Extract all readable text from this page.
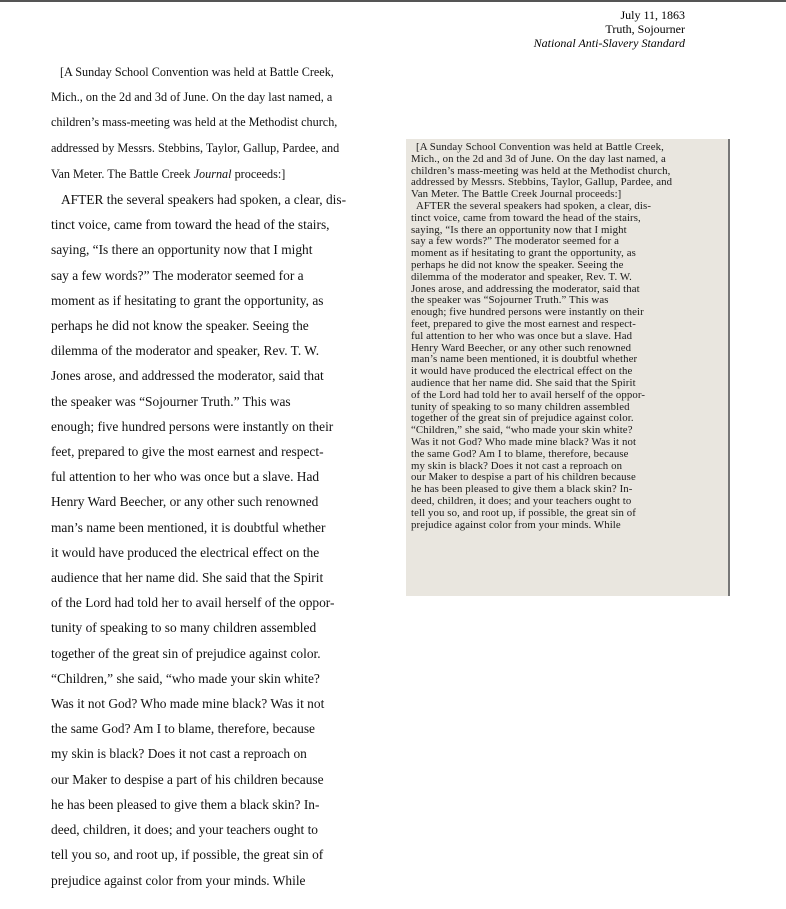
July 11, 1863
Truth, Sojourner
National Anti-Slavery Standard
[A Sunday School Convention was held at Battle Creek,
Mich., on the 2d and 3d of June. On the day last named, a
children’s mass-meeting was held at the Methodist church,
addressed by Messrs. Stebbins, Taylor, Gallup, Pardee, and
Van Meter. The Battle Creek Journal proceeds:]
AFTER the several speakers had spoken, a clear, dis-
tinct voice, came from toward the head of the stairs,
saying, “Is there an opportunity now that I might
say a few words?” The moderator seemed for a
moment as if hesitating to grant the opportunity, as
perhaps he did not know the speaker. Seeing the
dilemma of the moderator and speaker, Rev. T. W.
Jones arose, and addressed the moderator, said that
the speaker was “Sojourner Truth.” This was
enough; five hundred persons were instantly on their
feet, prepared to give the most earnest and respect-
ful attention to her who was once but a slave. Had
Henry Ward Beecher, or any other such renowned
man’s name been mentioned, it is doubtful whether
it would have produced the electrical effect on the
audience that her name did. She said that the Spirit
of the Lord had told her to avail herself of the oppor-
tunity of speaking to so many children assembled
together of the great sin of prejudice against color.
“Children,” she said, “who made your skin white?
Was it not God? Who made mine black? Was it not
the same God? Am I to blame, therefore, because
my skin is black? Does it not cast a reproach on
our Maker to despise a part of his children because
he has been pleased to give them a black skin? In-
deed, children, it does; and your teachers ought to
tell you so, and root up, if possible, the great sin of
prejudice against color from your minds. While
[A Sunday School Convention was held at Battle Creek,
Mich., on the 2d and 3d of June. On the day last named, a
children’s mass-meeting was held at the Methodist church,
addressed by Messrs. Stebbins, Taylor, Gallup, Pardee, and
Van Meter. The Battle Creek Journal proceeds:]
AFTER the several speakers had spoken, a clear, dis-
tinct voice, came from toward the head of the stairs,
saying, “Is there an opportunity now that I might
say a few words?” The moderator seemed for a
moment as if hesitating to grant the opportunity, as
perhaps he did not know the speaker. Seeing the
dilemma of the moderator and speaker, Rev. T. W.
Jones arose, and addressing the moderator, said that
the speaker was “Sojourner Truth.” This was
enough; five hundred persons were instantly on their
feet, prepared to give the most earnest and respect-
ful attention to her who was once but a slave. Had
Henry Ward Beecher, or any other such renowned
man’s name been mentioned, it is doubtful whether
it would have produced the electrical effect on the
audience that her name did. She said that the Spirit
of the Lord had told her to avail herself of the oppor-
tunity of speaking to so many children assembled
together of the great sin of prejudice against color.
“Children,” she said, “who made your skin white?
Was it not God? Who made mine black? Was it not
the same God? Am I to blame, therefore, because
my skin is black? Does it not cast a reproach on
our Maker to despise a part of his children because
he has been pleased to give them a black skin? In-
deed, children, it does; and your teachers ought to
tell you so, and root up, if possible, the great sin of
prejudice against color from your minds. While
